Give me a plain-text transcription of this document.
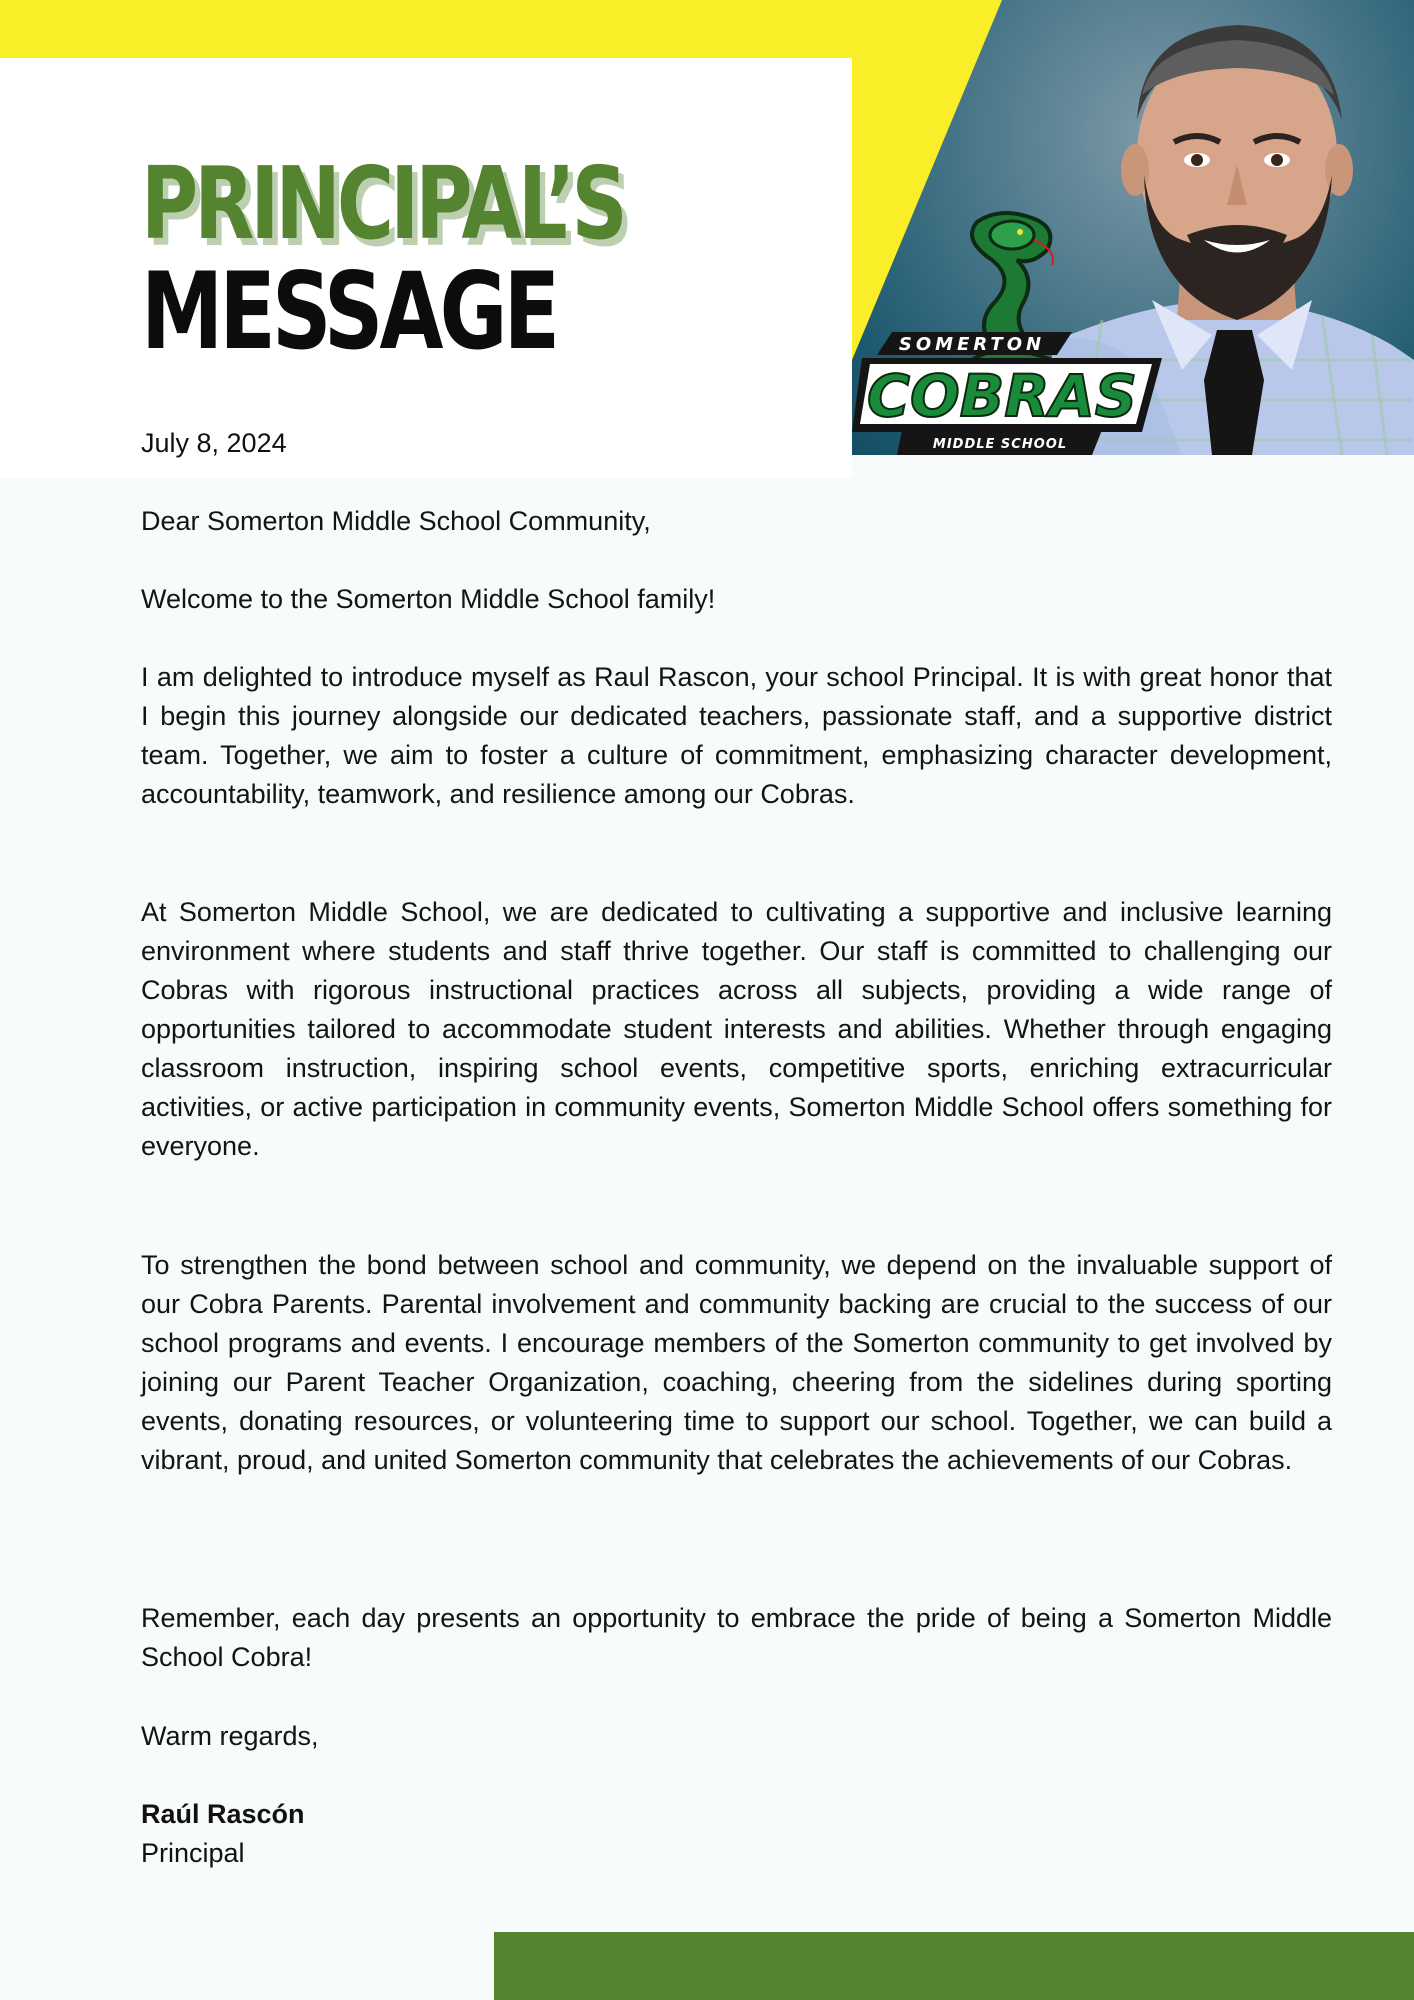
SOMERTON
COBRAS
MIDDLE SCHOOL
PRINCIPAL’S
MESSAGE
July 8, 2024

Dear Somerton Middle School Community,

Welcome to the Somerton Middle School family!

I am delighted to introduce myself as Raul Rascon, your school Principal. It is with great honor that I begin this journey alongside our dedicated teachers, passionate staff, and a supportive district team. Together, we aim to foster a culture of commitment, emphasizing character development, accountability, teamwork, and resilience among our Cobras.

At Somerton Middle School, we are dedicated to cultivating a supportive and inclusive learning environment where students and staff thrive together. Our staff is committed to challenging our Cobras with rigorous instructional practices across all subjects, providing a wide range of opportunities tailored to accommodate student interests and abilities. Whether through engaging classroom instruction, inspiring school events, competitive sports, enriching extracurricular activities, or active participation in community events, Somerton Middle School offers something for everyone.

To strengthen the bond between school and community, we depend on the invaluable support of our Cobra Parents. Parental involvement and community backing are crucial to the success of our school programs and events. I encourage members of the Somerton community to get involved by joining our Parent Teacher Organization, coaching, cheering from the sidelines during sporting events, donating resources, or volunteering time to support our school. Together, we can build a vibrant, proud, and united Somerton community that celebrates the achievements of our Cobras.

Remember, each day presents an opportunity to embrace the pride of being a Somerton Middle School Cobra!

Warm regards,

Raúl Rascón
Principal
